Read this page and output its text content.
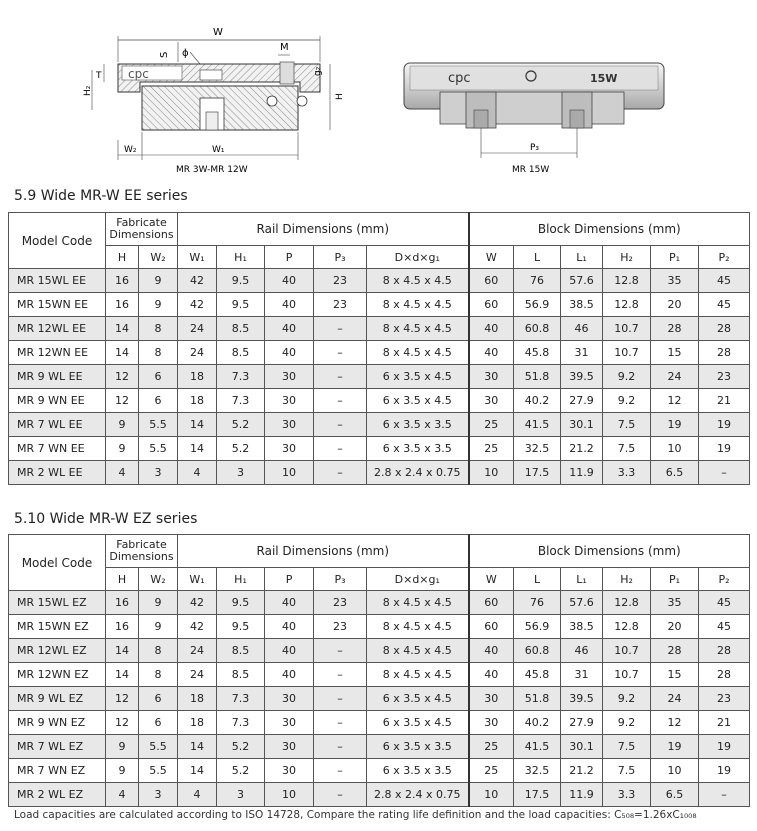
W
S ϕ
M
cpc
T
H₂
H
g₂
W₂	W₁
MR 3W-MR 12W
cpc	15W
P₃
MR 15W
5.9 Wide MR-W EE series
Model Code	Fabricate
Dimensions		Rail Dimensions (mm)					Block Dimensions (mm)					
	H	W₂	W₁	H₁	P	P₃	D×d×g₁	W	L	L₁	H₂	P₁	P₂
MR 15WL EE	16	9	42	9.5	40	23	8 x 4.5 x 4.5	60	76	57.6	12.8	35	45
MR 15WN EE	16	9	42	9.5	40	23	8 x 4.5 x 4.5	60	56.9	38.5	12.8	20	45
MR 12WL EE	14	8	24	8.5	40	–	8 x 4.5 x 4.5	40	60.8	46	10.7	28	28
MR 12WN EE	14	8	24	8.5	40	–	8 x 4.5 x 4.5	40	45.8	31	10.7	15	28
MR 9 WL EE	12	6	18	7.3	30	–	6 x 3.5 x 4.5	30	51.8	39.5	9.2	24	23
MR 9 WN EE	12	6	18	7.3	30	–	6 x 3.5 x 4.5	30	40.2	27.9	9.2	12	21
MR 7 WL EE	9	5.5	14	5.2	30	–	6 x 3.5 x 3.5	25	41.5	30.1	7.5	19	19
MR 7 WN EE	9	5.5	14	5.2	30	–	6 x 3.5 x 3.5	25	32.5	21.2	7.5	10	19
MR 2 WL EE	4	3	4	3	10	–	2.8 x 2.4 x 0.75	10	17.5	11.9	3.3	6.5	–
5.10 Wide MR-W EZ series
Model Code	Fabricate
Dimensions		Rail Dimensions (mm)					Block Dimensions (mm)					
	H	W₂	W₁	H₁	P	P₃	D×d×g₁	W	L	L₁	H₂	P₁	P₂
MR 15WL EZ	16	9	42	9.5	40	23	8 x 4.5 x 4.5	60	76	57.6	12.8	35	45
MR 15WN EZ	16	9	42	9.5	40	23	8 x 4.5 x 4.5	60	56.9	38.5	12.8	20	45
MR 12WL EZ	14	8	24	8.5	40	–	8 x 4.5 x 4.5	40	60.8	46	10.7	28	28
MR 12WN EZ	14	8	24	8.5	40	–	8 x 4.5 x 4.5	40	45.8	31	10.7	15	28
MR 9 WL EZ	12	6	18	7.3	30	–	6 x 3.5 x 4.5	30	51.8	39.5	9.2	24	23
MR 9 WN EZ	12	6	18	7.3	30	–	6 x 3.5 x 4.5	30	40.2	27.9	9.2	12	21
MR 7 WL EZ	9	5.5	14	5.2	30	–	6 x 3.5 x 3.5	25	41.5	30.1	7.5	19	19
MR 7 WN EZ	9	5.5	14	5.2	30	–	6 x 3.5 x 3.5	25	32.5	21.2	7.5	10	19
MR 2 WL EZ	4	3	4	3	10	–	2.8 x 2.4 x 0.75	10	17.5	11.9	3.3	6.5	–
Load capacities are calculated according to ISO 14728, Compare the rating life definition and the load capacities: C₅₀₈=1.26xC₁₀₀₈
